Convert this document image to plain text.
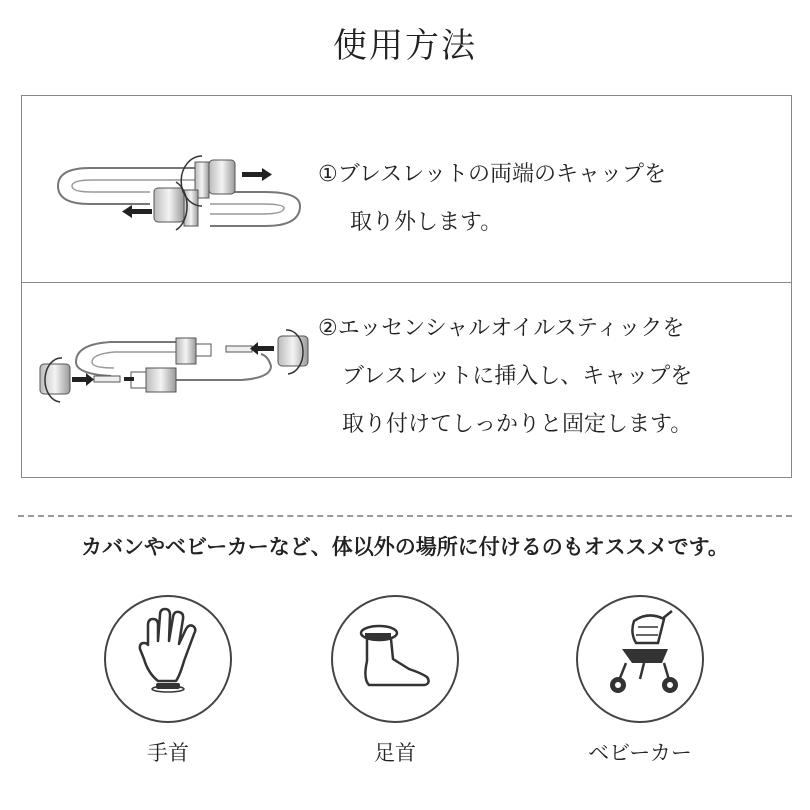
使用方法
①ブレスレットの両端のキャップを
取り外します。
②エッセンシャルオイルスティックを
ブレスレットに挿入し、キャップを
取り付けてしっかりと固定します。
カバンやベビーカーなど、体以外の場所に付けるのもオススメです。
手首	足首	ベビーカー
